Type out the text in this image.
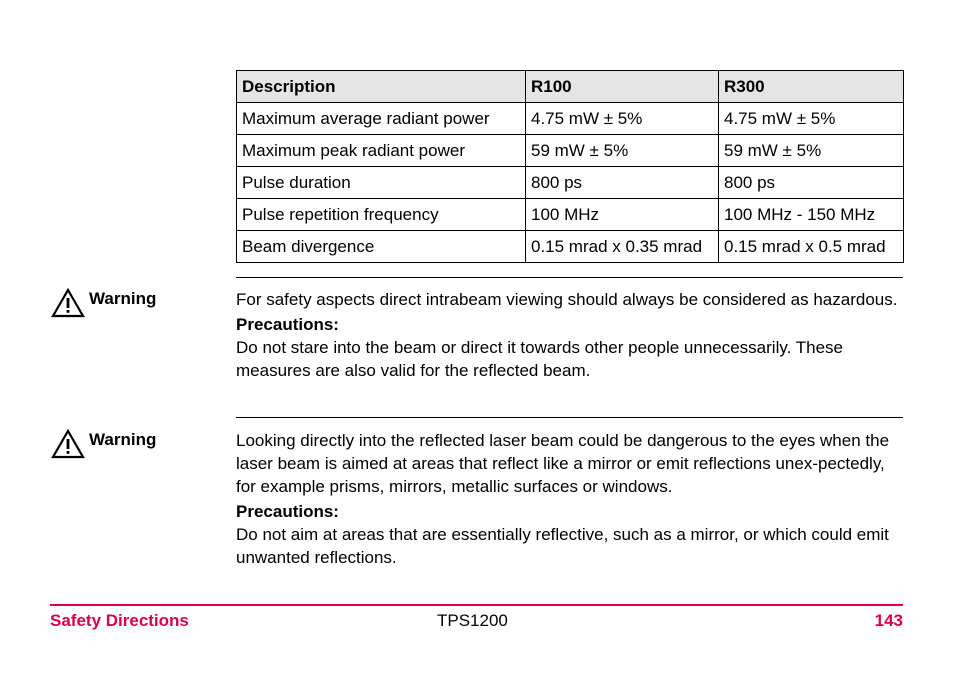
Description	R100	R300
Maximum average radiant power	4.75 mW ± 5%	4.75 mW ± 5%
Maximum peak radiant power	59 mW ± 5%	59 mW ± 5%
Pulse duration	800 ps	800 ps
Pulse repetition frequency	100 MHz	100 MHz - 150 MHz
Beam divergence	0.15 mrad x 0.35 mrad	0.15 mrad x 0.5 mrad
Warning	For safety aspects direct intrabeam viewing should always be considered as hazardous.

Precautions:

Do not stare into the beam or direct it towards other people unnecessarily. These measures are also valid for the reflected beam.

Warning	Looking directly into the reflected laser beam could be dangerous to the eyes when the laser beam is aimed at areas that reflect like a mirror or emit reflections unex-pectedly, for example prisms, mirrors, metallic surfaces or windows.

Precautions:

Do not aim at areas that are essentially reflective, such as a mirror, or which could emit unwanted reflections.

Safety Directions	TPS1200	143
